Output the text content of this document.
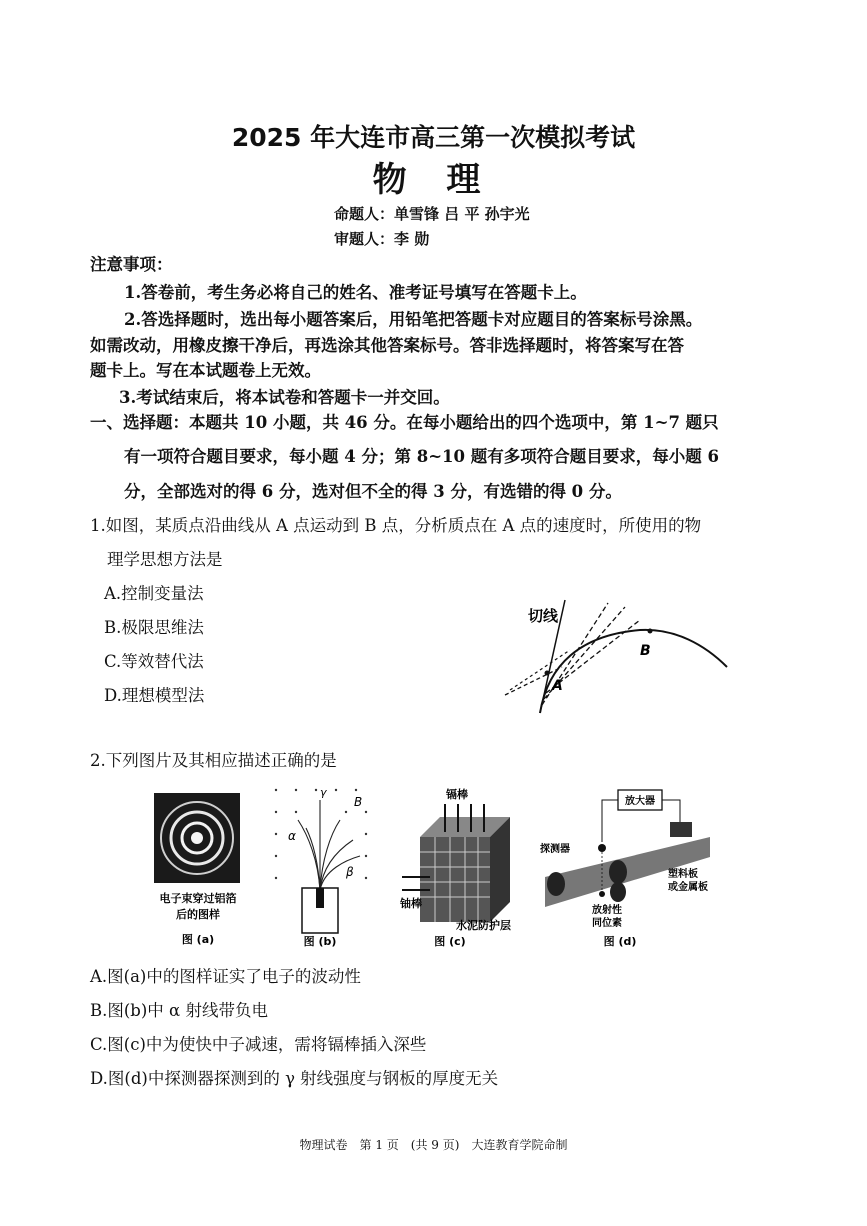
2025 年大连市高三第一次模拟考试
物 理
命题人：单雪锋 吕 平 孙宇光
审题人：李 勋
注意事项：
1.答卷前，考生务必将自己的姓名、准考证号填写在答题卡上。
2.答选择题时，选出每小题答案后，用铅笔把答题卡对应题目的答案标号涂黑。
如需改动，用橡皮擦干净后，再选涂其他答案标号。答非选择题时，将答案写在答
题卡上。写在本试题卷上无效。
3.考试结束后，将本试卷和答题卡一并交回。
一、选择题：本题共 10 小题，共 46 分。在每小题给出的四个选项中，第 1~7 题只
有一项符合题目要求，每小题 4 分；第 8~10 题有多项符合题目要求，每小题 6
分，全部选对的得 6 分，选对但不全的得 3 分，有选错的得 0 分。
1.如图，某质点沿曲线从 A 点运动到 B 点，分析质点在 A 点的速度时，所使用的物
理学思想方法是
A.控制变量法
B.极限思维法
C.等效替代法
D.理想模型法
切线
A
B
2.下列图片及其相应描述正确的是
电子束穿过铝箔
后的图样
图 (a)
B
α
γ
β
图 (b)
镉棒
铀棒
水泥防护层
图 (c)
放大器
探测器
放射性
同位素
塑料板
或金属板
图 (d)
A.图(a)中的图样证实了电子的波动性
B.图(b)中 α 射线带负电
C.图(c)中为使快中子减速，需将镉棒插入深些
D.图(d)中探测器探测到的 γ 射线强度与钢板的厚度无关
物理试卷　第 1 页　(共 9 页)　大连教育学院命制
